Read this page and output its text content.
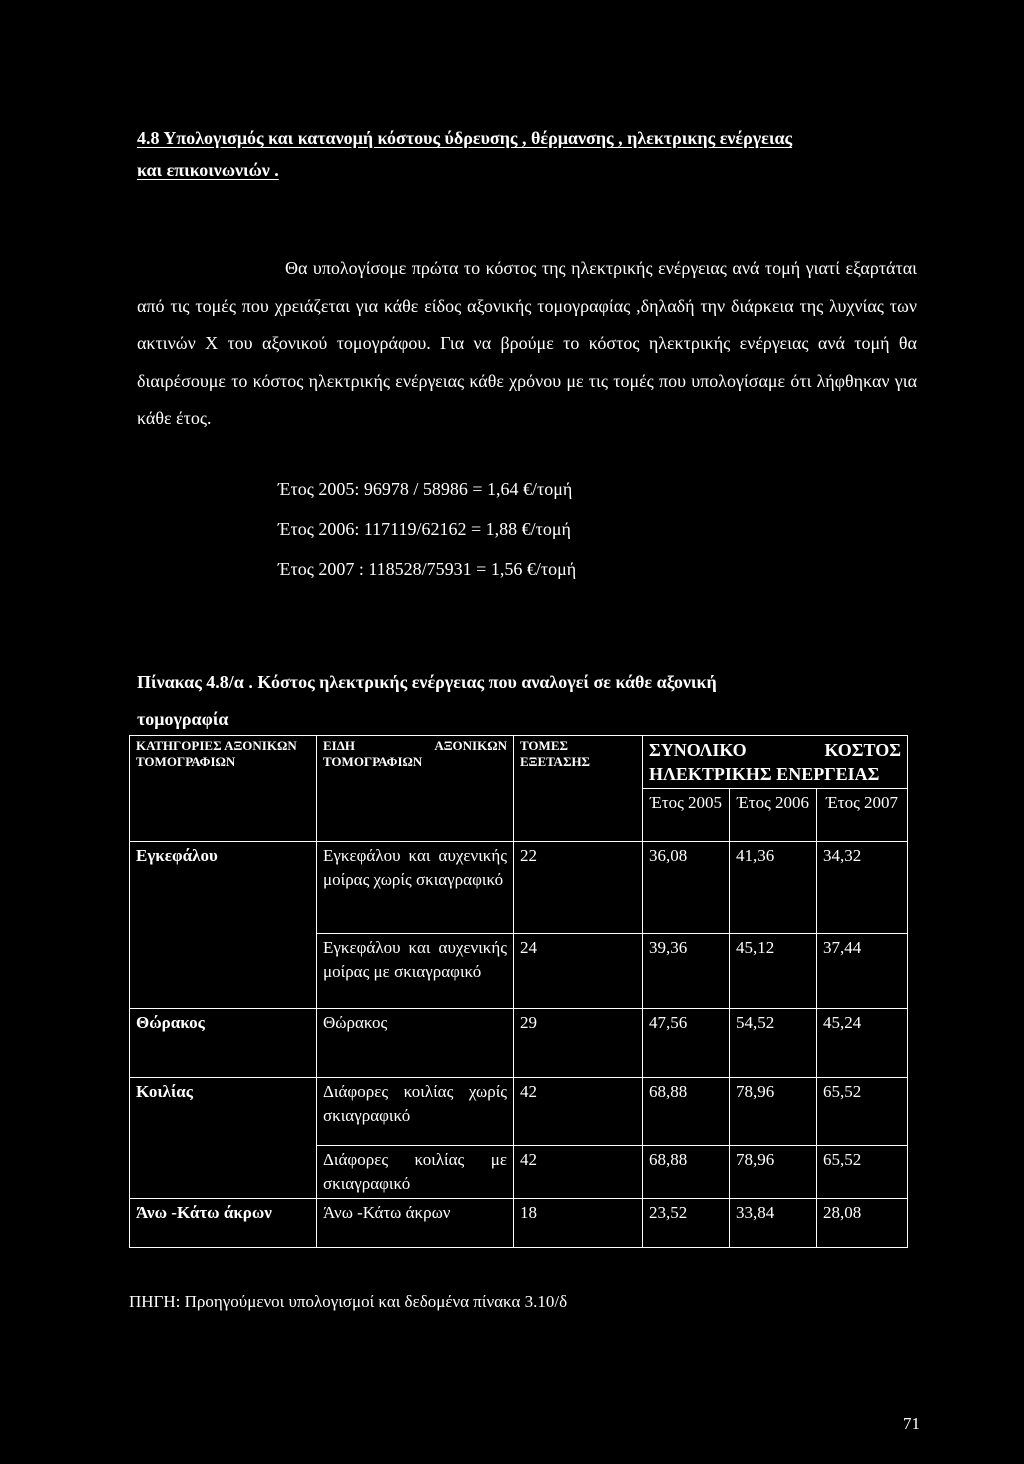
4.8 Υπολογισμός και κατανομή κόστους ύδρευσης , θέρμανσης , ηλεκτρικης ενέργειας
και επικοινωνιών .

Θα υπολογίσομε πρώτα το κόστος της ηλεκτρικής ενέργειας ανά τομή γιατί εξαρτάται από τις τομές που χρειάζεται για κάθε είδος αξονικής τομογραφίας ,δηλαδή την διάρκεια της λυχνίας των ακτινών Χ του αξονικού τομογράφου. Για να βρούμε το κόστος ηλεκτρικής ενέργειας ανά τομή θα διαιρέσουμε το κόστος ηλεκτρικής ενέργειας κάθε χρόνου με τις τομές που υπολογίσαμε ότι λήφθηκαν για κάθε έτος.

Έτος 2005: 96978 / 58986 = 1,64 €/τομή
Έτος 2006: 117119/62162 = 1,88 €/τομή
Έτος 2007 : 118528/75931 = 1,56 €/τομή
Πίνακας 4.8/α . Κόστος ηλεκτρικής ενέργειας που αναλογεί σε κάθε αξονική
τομογραφία
ΚΑΤΗΓΟΡΙΕΣ ΑΞΟΝΙΚΩΝ ΤΟΜΟΓΡΑΦΙΩΝ	ΕΙΔΗ ΑΞΟΝΙΚΩΝ ΤΟΜΟΓΡΑΦΙΩΝ	ΤΟΜΕΣ ΕΞΕΤΑΣΗΣ	ΣΥΝΟΛΙΚΟ ΚΟΣΤΟΣ ΗΛΕΚΤΡΙΚΗΣ ΕΝΕΡΓΕΙΑΣ		
			Έτος 2005	Έτος 2006	Έτος 2007
Εγκεφάλου	Εγκεφάλου και αυχενικής μοίρας χωρίς σκιαγραφικό	22	36,08	41,36	34,32
	Εγκεφάλου και αυχενικής μοίρας με σκιαγραφικό	24	39,36	45,12	37,44
Θώρακος	Θώρακος	29	47,56	54,52	45,24
Κοιλίας	Διάφορες κοιλίας χωρίς σκιαγραφικό	42	68,88	78,96	65,52
	Διάφορες κοιλίας με σκιαγραφικό	42	68,88	78,96	65,52
Άνω -Κάτω άκρων	Άνω -Κάτω άκρων	18	23,52	33,84	28,08
ΠΗΓΗ: Προηγούμενοι υπολογισμοί και δεδομένα πίνακα 3.10/δ
71
